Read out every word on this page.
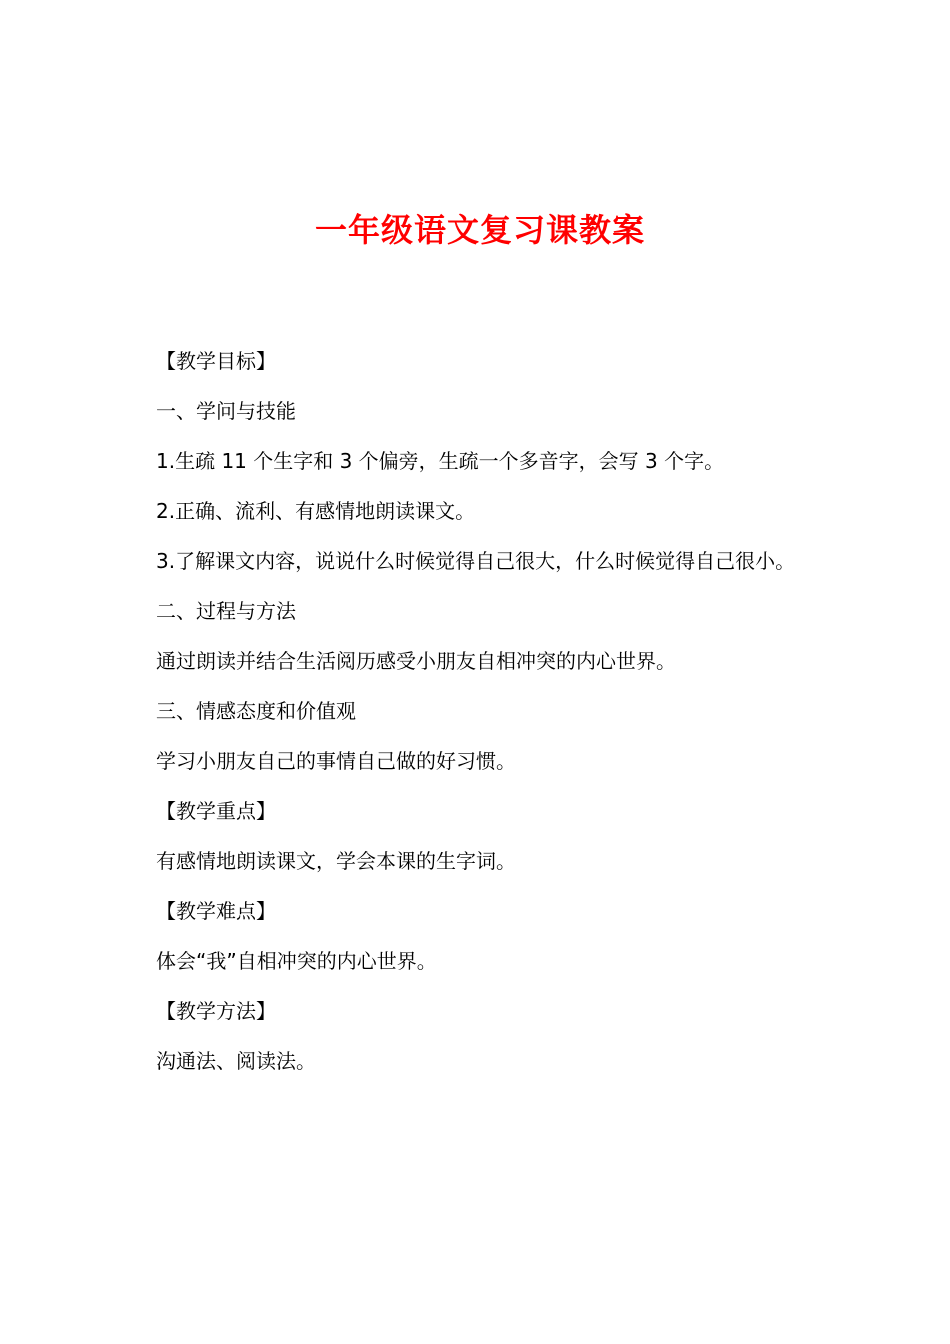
一年级语文复习课教案

【教学目标】

一、学问与技能

1.生疏 11 个生字和 3 个偏旁，生疏一个多音字，会写 3 个字。

2.正确、流利、有感情地朗读课文。

3.了解课文内容，说说什么时候觉得自己很大，什么时候觉得自己很小。

二、过程与方法

通过朗读并结合生活阅历感受小朋友自相冲突的内心世界。

三、情感态度和价值观

学习小朋友自己的事情自己做的好习惯。

【教学重点】

有感情地朗读课文，学会本课的生字词。

【教学难点】

体会“我”自相冲突的内心世界。

【教学方法】

沟通法、阅读法。
